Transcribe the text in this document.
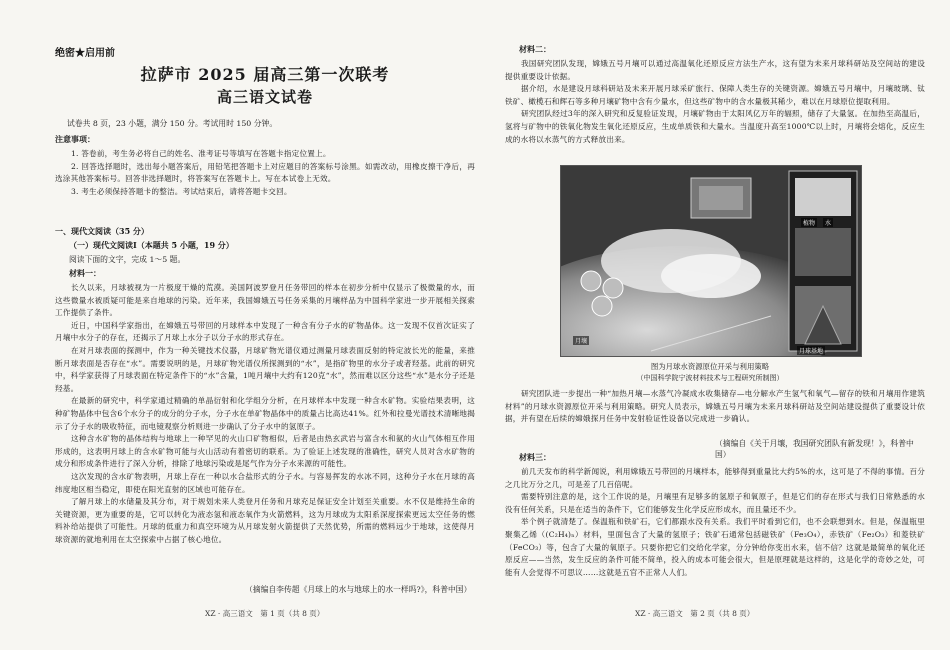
绝密★启用前
拉萨市 2025 届高三第一次联考
高三语文试卷
试卷共 8 页，23 小题，满分 150 分。考试用时 150 分钟。
注意事项：

1. 答卷前，考生务必将自己的姓名、准考证号等填写在答题卡指定位置上。

2. 回答选择题时，选出每小题答案后，用铅笔把答题卡上对应题目的答案标号涂黑。如需改动，用橡皮擦干净后，再选涂其他答案标号。回答非选择题时，将答案写在答题卡上。写在本试卷上无效。

3. 考生必须保持答题卡的整洁。考试结束后，请将答题卡交回。

一、现代文阅读（35 分）
（一）现代文阅读Ⅰ（本题共 5 小题，19 分）
阅读下面的文字，完成 1～5 题。
材料一：

长久以来，月球被视为一片极度干燥的荒漠。美国阿波罗登月任务带回的样本在初步分析中仅显示了极微量的水，而这些微量水被质疑可能是来自地球的污染。近年来，我国嫦娥五号任务采集的月壤样品为中国科学家进一步开展相关探索工作提供了条件。

近日，中国科学家指出，在嫦娥五号带回的月球样本中发现了一种含有分子水的矿物晶体。这一发现不仅首次证实了月壤中水分子的存在，还揭示了月球上水分子以分子水的形式存在。

在对月球表面的探测中，作为一种关键技术仪器，月球矿物光谱仪通过测量月球表面反射的特定波长光的能量，来推断月球表面是否存在“水”。需要说明的是，月球矿物光谱仪所探测到的“水”，是指矿物里的水分子或者羟基。此前的研究中，科学家获得了月球表面在特定条件下的“水”含量，1吨月壤中大约有120克“水”，然而难以区分这些“水”是水分子还是羟基。

在最新的研究中，科学家通过精确的单晶衍射和化学组分分析，在月球样本中发现一种含水矿物。实验结果表明，这种矿物晶体中包含6个水分子的成分的分子水，分子水在单矿物晶体中的质量占比高达41%。红外和拉曼光谱技术清晰地揭示了分子水的吸收特征，而电镜观察分析则进一步确认了分子水中的氢原子。

这种含水矿物的晶体结构与地球上一种罕见的火山口矿物相似，后者是由热玄武岩与富含水和氨的火山气体相互作用形成的，这表明月球上的含水矿物可能与火山活动有着密切的联系。为了验证上述发现的准确性，研究人员对含水矿物的成分和形成条件进行了深入分析，排除了地球污染或是尾气作为分子水来源的可能性。

这次发现的含水矿物表明，月球上存在一种以水合盐形式的分子水。与容易挥发的水冰不同，这种分子水在月球的高纬度地区相当稳定，即使在阳光直射的区域也可能存在。

了解月球上的水储量及其分布，对于规划未来人类登月任务和月球充足保证安全计划至关重要。水不仅是维持生命的关键资源，更为重要的是，它可以转化为液态氢和液态氧作为火箭燃料，这为月球成为太阳系深度探索更远太空任务的燃料补给站提供了可能性。月球的低重力和真空环境为从月球发射火箭提供了天然优势，所需的燃料远少于地球，这使得月球资源的就地利用在太空探索中占据了核心地位。

（摘编自李传超《月球上的水与地球上的水一样吗?》，科普中国）
XZ · 高三语文　第 1 页（共 8 页）
材料二：

我国研究团队发现，嫦娥五号月壤可以通过高温氧化还原反应方法生产水，这有望为未来月球科研站及空间站的建设提供重要设计依据。

据介绍，水是建设月球科研站及未来开展月球采矿旅行、保障人类生存的关键资源。嫦娥五号月壤中，月壤玻璃、钛铁矿、橄榄石和辉石等多种月壤矿物中含有少量水，但这些矿物中的含水量极其稀少，难以在月球原位提取利用。

研究团队经过3年的深入研究和反复验证发现，月壤矿物由于太阳风亿万年的辐照，储存了大量氢。在加热至高温后，氢将与矿物中的铁氧化物发生氧化还原反应，生成单质铁和大量水。当温度升高至1000℃以上时，月壤将会熔化，反应生成的水将以水蒸气的方式释放出来。

月壤
植物	水
月球基地
图为月球水资源原位开采与利用策略
（中国科学院宁波材料技术与工程研究所制图）

研究团队进一步提出一种“加热月壤—水蒸气冷凝成水收集储存—电分解水产生氢气和氧气—留存的铁和月壤用作建筑材料”的月球水资源原位开采与利用策略。研究人员表示，嫦娥五号月壤为未来月球科研站及空间站建设提供了重要设计依据，并有望在后续的嫦娥探月任务中发射验证性设备以完成进一步确认。

（摘编自《关于月壤，我国研究团队有新发现！》，科普中国）
材料三：

前几天发布的科学新闻说，利用嫦娥五号带回的月壤样本，能够得到重量比大约5%的水，这可是了不得的事情。百分之几比万分之几，可是差了几百倍呢。

需要特别注意的是，这个工作说的是，月壤里有足够多的氢原子和氧原子，但是它们的存在形式与我们日常熟悉的水没有任何关系，只是在适当的条件下，它们能够发生化学反应形成水，而且量还不少。

举个例子就清楚了。保温瓶和铁矿石，它们都跟水没有关系。我们平时看到它们，也不会联想到水。但是，保温瓶里聚集乙烯（(C₂H₄)ₙ）材料，里面包含了大量的氢原子；铁矿石通常包括磁铁矿（Fe₃O₄），赤铁矿（Fe₂O₃）和菱铁矿（FeCO₃）等，包含了大量的氧原子。只要你把它们交给化学家，分分钟给你变出水来，信不信？这就是最简单的氧化还原反应——当然，发生反应的条件可能不简单，投入的成本可能会很大，但是原理就是这样的，这是化学的奇妙之处，可能有人会觉得不可思议……这就是五官不正常人人们。

XZ · 高三语文　第 2 页（共 8 页）
